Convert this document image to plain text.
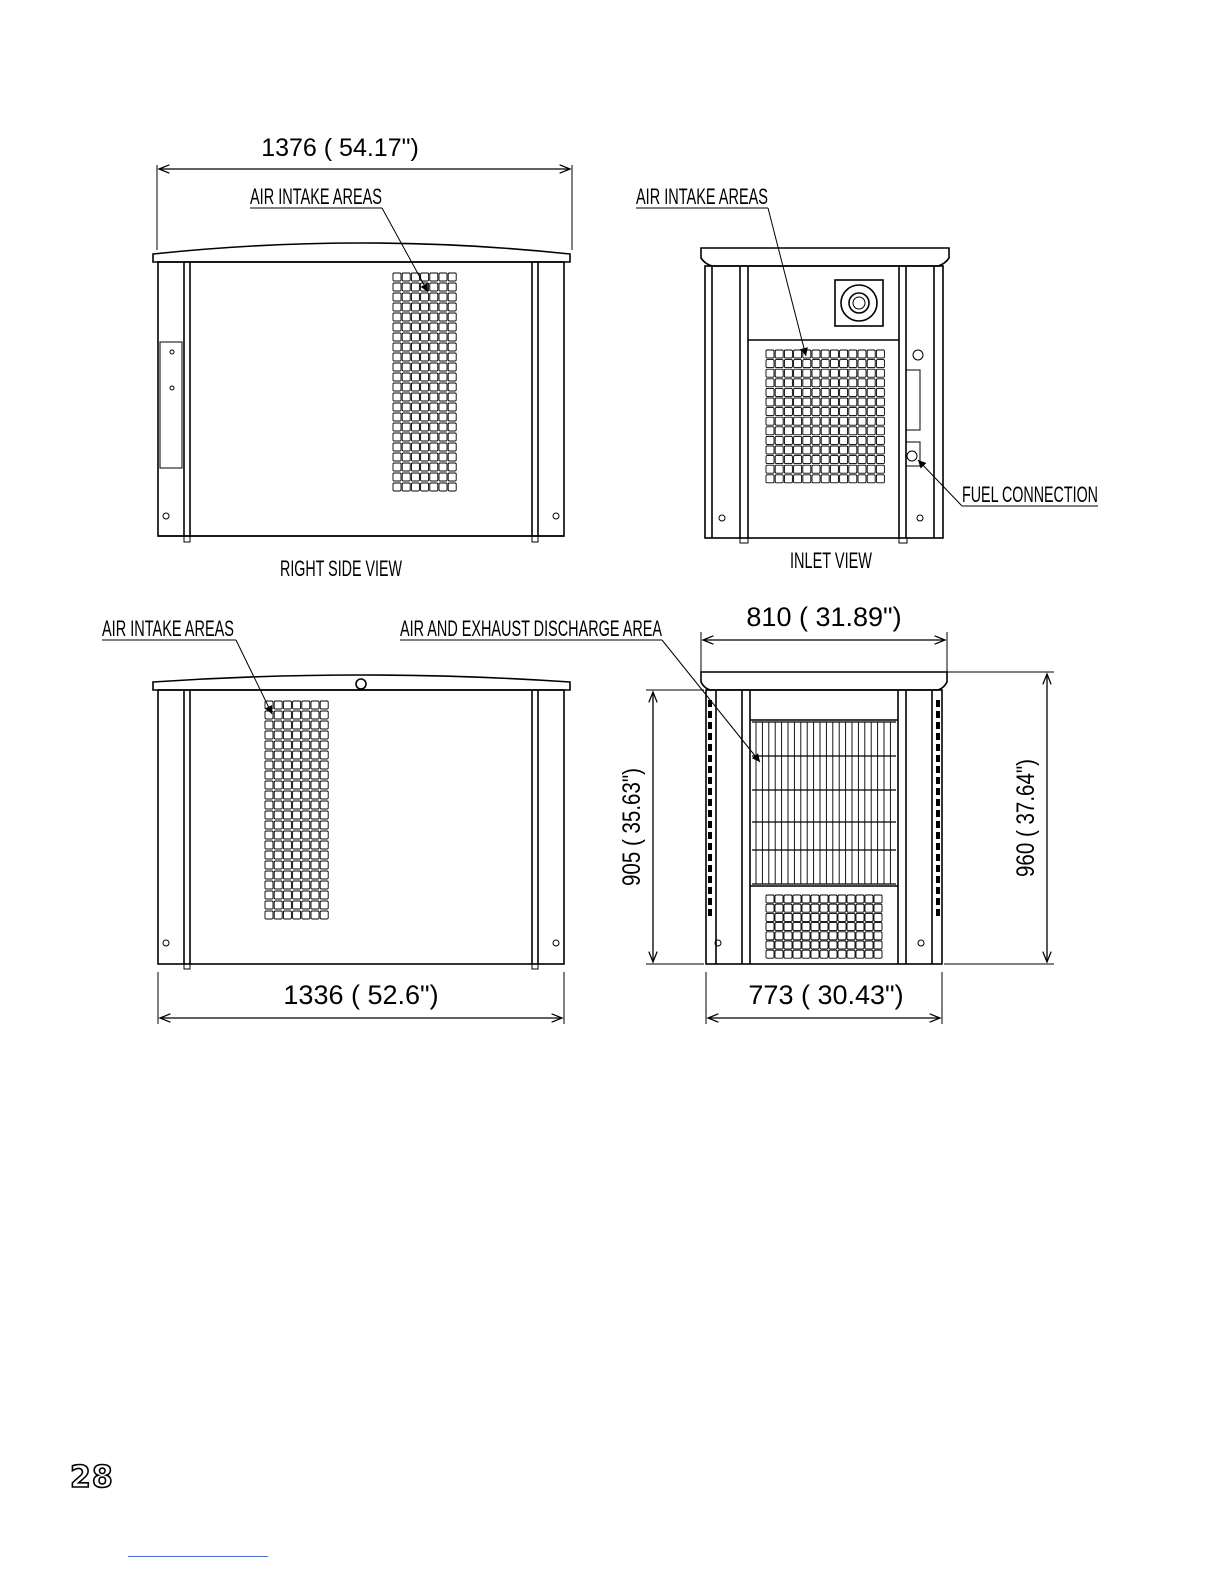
1376 ( 54.17")
AIR INTAKE AREAS
RIGHT SIDE VIEW
AIR INTAKE AREAS
FUEL CONNECTION
INLET VIEW
AIR INTAKE AREAS
1336 ( 52.6")
810 ( 31.89")
AIR AND EXHAUST DISCHARGE AREA
905 ( 35.63")	960 ( 37.64")
773 ( 30.43")
28
